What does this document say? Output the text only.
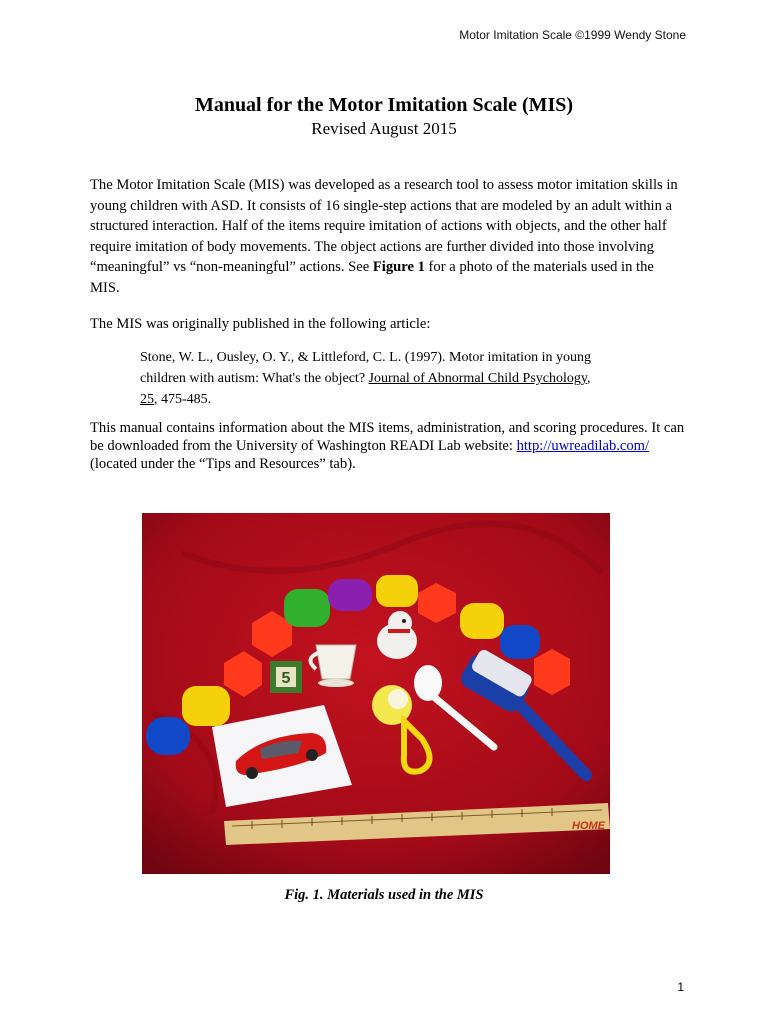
Motor Imitation Scale ©1999 Wendy Stone
Manual for the Motor Imitation Scale (MIS)
Revised August 2015
The Motor Imitation Scale (MIS) was developed as a research tool to assess motor imitation skills in young children with ASD. It consists of 16 single-step actions that are modeled by an adult within a structured interaction. Half of the items require imitation of actions with objects, and the other half require imitation of body movements. The object actions are further divided into those involving “meaningful” vs “non-meaningful” actions. See Figure 1 for a photo of the materials used in the MIS.
The MIS was originally published in the following article:
Stone, W. L., Ousley, O. Y., & Littleford, C. L. (1997). Motor imitation in young children with autism: What's the object? Journal of Abnormal Child Psychology, 25, 475-485.
This manual contains information about the MIS items, administration, and scoring procedures. It can be downloaded from the University of Washington READI Lab website: http://uwreadilab.com/ (located under the “Tips and Resources” tab).
5
HOME
Fig. 1. Materials used in the MIS
1
